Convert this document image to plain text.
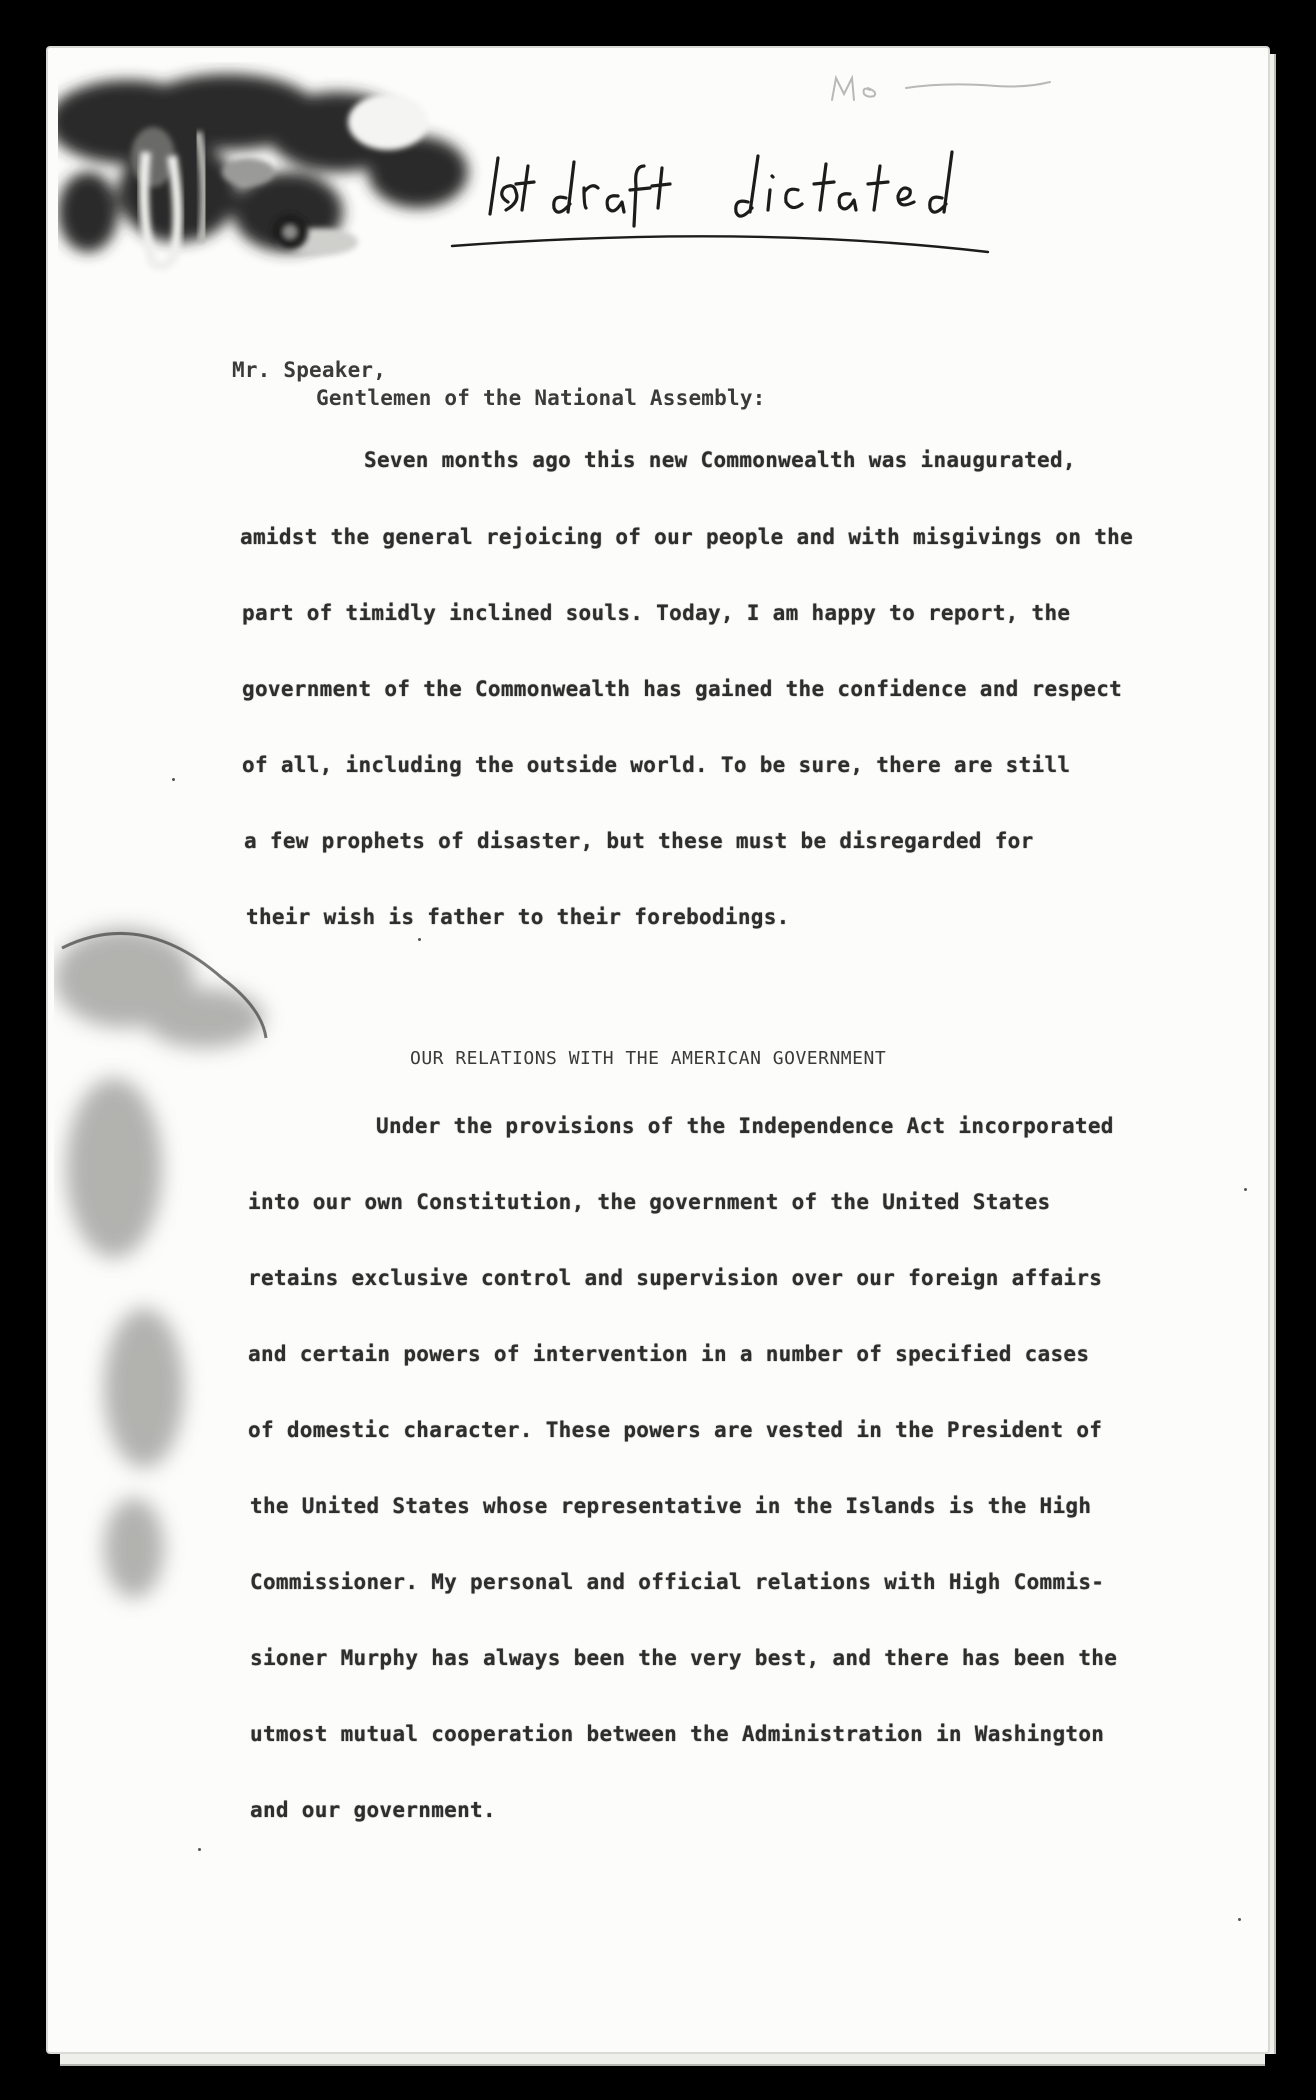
Mr. Speaker,
Gentlemen of the National Assembly:
Seven months ago this new Commonwealth was inaugurated,
amidst the general rejoicing of our people and with misgivings on the
part of timidly inclined souls. Today, I am happy to report, the
government of the Commonwealth has gained the confidence and respect
of all, including the outside world. To be sure, there are still
a few prophets of disaster, but these must be disregarded for
their wish is father to their forebodings.
OUR RELATIONS WITH THE AMERICAN GOVERNMENT
Under the provisions of the Independence Act incorporated
into our own Constitution, the government of the United States
retains exclusive control and supervision over our foreign affairs
and certain powers of intervention in a number of specified cases
of domestic character. These powers are vested in the President of
the United States whose representative in the Islands is the High
Commissioner. My personal and official relations with High Commis-
sioner Murphy has always been the very best, and there has been the
utmost mutual cooperation between the Administration in Washington
and our government.
